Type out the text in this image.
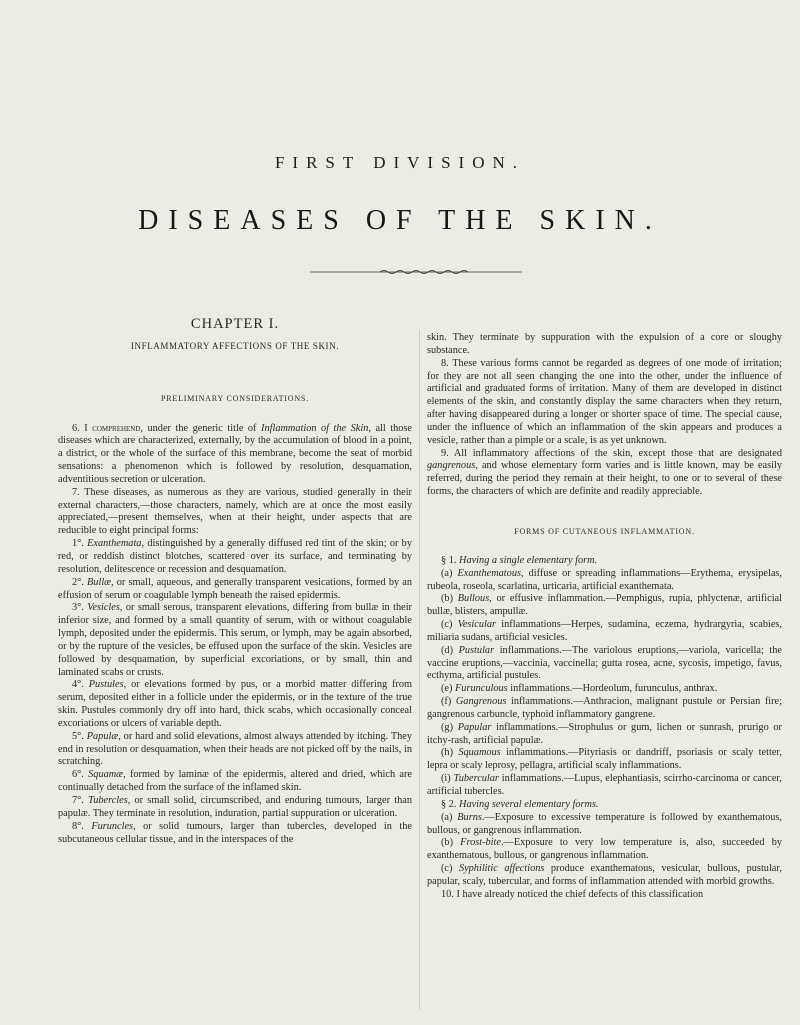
FIRST DIVISION.
DISEASES OF THE SKIN.
CHAPTER I.
INFLAMMATORY AFFECTIONS OF THE SKIN.
PRELIMINARY CONSIDERATIONS.

6. I comprehend, under the generic title of Inflammation of the Skin, all those diseases which are characterized, externally, by the accumulation of blood in a point, a district, or the whole of the surface of this membrane, become the seat of morbid sensations: a phenomenon which is followed by resolution, desquamation, adventitious secretion or ulceration.

7. These diseases, as numerous as they are various, studied generally in their external characters,—those characters, namely, which are at once the most easily appreciated,—present themselves, when at their height, under aspects that are reducible to eight principal forms:

1°. Exanthemata, distinguished by a generally diffused red tint of the skin; or by red, or reddish distinct blotches, scattered over its surface, and terminating by resolution, delitescence or recession and desquamation.

2°. Bullæ, or small, aqueous, and generally transparent vesications, formed by an effusion of serum or coagulable lymph beneath the raised epidermis.

3°. Vesicles, or small serous, transparent elevations, differing from bullæ in their inferior size, and formed by a small quantity of serum, with or without coagulable lymph, deposited under the epidermis. This serum, or lymph, may be again absorbed, or by the rupture of the vesicles, be effused upon the surface of the skin. Vesicles are followed by desquamation, by superficial excoriations, or by small, thin and laminated scabs or crusts.

4°. Pustules, or elevations formed by pus, or a morbid matter differing from serum, deposited either in a follicle under the epidermis, or in the texture of the true skin. Pustules commonly dry off into hard, thick scabs, which occasionally conceal excoriations or ulcers of variable depth.

5°. Papulæ, or hard and solid elevations, almost always attended by itching. They end in resolution or desquamation, when their heads are not picked off by the nails, in scratching.

6°. Squamæ, formed by laminæ of the epidermis, altered and dried, which are continually detached from the surface of the inflamed skin.

7°. Tubercles, or small solid, circumscribed, and enduring tumours, larger than papulæ. They terminate in resolution, induration, partial suppuration or ulceration.

8°. Furuncles, or solid tumours, larger than tubercles, developed in the subcutaneous cellular tissue, and in the interspaces of the

skin. They terminate by suppuration with the expulsion of a core or sloughy substance.

8. These various forms cannot be regarded as degrees of one mode of irritation; for they are not all seen changing the one into the other, under the influence of artificial and graduated forms of irritation. Many of them are developed in distinct elements of the skin, and constantly display the same characters when they return, after having disappeared during a longer or shorter space of time. The special cause, under the influence of which an inflammation of the skin appears and produces a vesicle, rather than a pimple or a scale, is as yet unknown.

9. All inflammatory affections of the skin, except those that are designated gangrenous, and whose elementary form varies and is little known, may be easily referred, during the period they remain at their height, to one or to several of these forms, the characters of which are definite and readily appreciable.

FORMS OF CUTANEOUS INFLAMMATION.

§ 1. Having a single elementary form.

(a) Exanthematous, diffuse or spreading inflammations—Erythema, erysipelas, rubeola, roseola, scarlatina, urticaria, artificial exanthemata.

(b) Bullous, or effusive inflammation.—Pemphigus, rupia, phlyctenæ, artificial bullæ, blisters, ampullæ.

(c) Vesicular inflammations—Herpes, sudamina, eczema, hydrargyria, scabies, miliaria sudans, artificial vesicles.

(d) Pustular inflammations.—The variolous eruptions,—variola, varicella; the vaccine eruptions,—vaccinia, vaccinella; gutta rosea, acne, sycosis, impetigo, favus, ecthyma, artificial pustules.

(e) Furunculous inflammations.—Hordeolum, furunculus, anthrax.

(f) Gangrenous inflammations.—Anthracion, malignant pustule or Persian fire; gangrenous carbuncle, typhoid inflammatory gangrene.

(g) Papular inflammations.—Strophulus or gum, lichen or sunrash, prurigo or itchy-rash, artificial papulæ.

(h) Squamous inflammations.—Pityriasis or dandriff, psoriasis or scaly tetter, lepra or scaly leprosy, pellagra, artificial scaly inflammations.

(i) Tubercular inflammations.—Lupus, elephantiasis, scirrho-carcinoma or cancer, artificial tubercles.

§ 2. Having several elementary forms.

(a) Burns.—Exposure to excessive temperature is followed by exanthematous, bullous, or gangrenous inflammation.

(b) Frost-bite.—Exposure to very low temperature is, also, succeeded by exanthematous, bullous, or gangrenous inflammation.

(c) Syphilitic affections produce exanthematous, vesicular, bullous, pustular, papular, scaly, tubercular, and forms of inflammation attended with morbid growths.

10. I have already noticed the chief defects of this classification
